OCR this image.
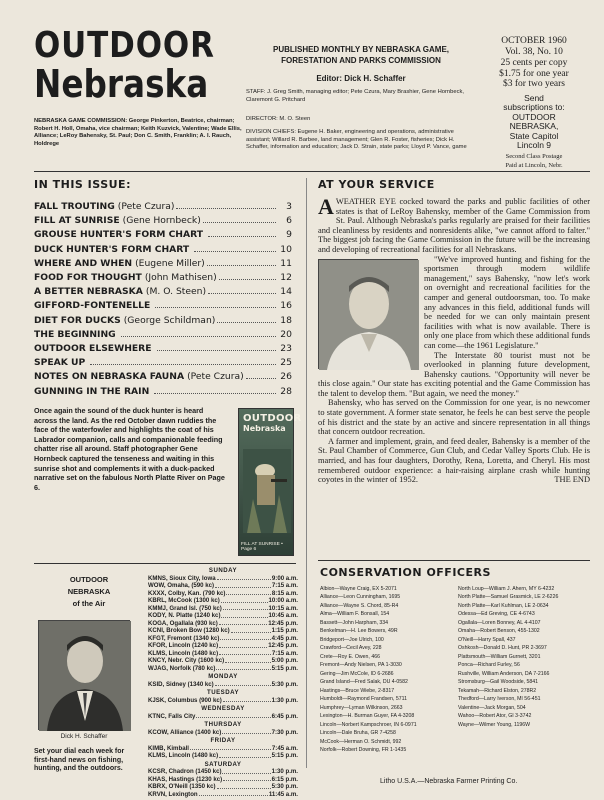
OUTDOOR
Nebraska
NEBRASKA GAME COMMISSION: George Pinkerton, Beatrice, chairman; Robert H. Holl, Omaha, vice chairman; Keith Kuzvick, Valentine; Wade Ellis, Alliance; LeRoy Bahensky, St. Paul; Don C. Smith, Franklin; A. I. Rauch, Holdrege
PUBLISHED MONTHLY BY NEBRASKA GAME, FORESTATION AND PARKS COMMISSION
Editor: Dick H. Schaffer
STAFF: J. Greg Smith, managing editor; Pete Czura, Mary Brashier, Gene Hornbeck, Claremont G. Pritchard
DIRECTOR: M. O. Steen
DIVISION CHIEFS: Eugene H. Baker, engineering and operations, administrative assistant; Willard R. Barbee, land management; Glen R. Foster, fisheries; Dick H. Schaffer, information and education; Jack D. Strain, state parks; Lloyd P. Vance, game
OCTOBER 1960
Vol. 38, No. 10
25 cents per copy
$1.75 for one year
$3 for two years
Send
subscriptions to:
OUTDOOR
NEBRASKA,
State Capitol
Lincoln 9
Second Class Postage
Paid at Lincoln, Nebr.
IN THIS ISSUE:
FALL TROUTING (Pete Czura)	3
FILL AT SUNRISE (Gene Hornbeck)	6
GROUSE HUNTER'S FORM CHART	9
DUCK HUNTER'S FORM CHART	10
WHERE AND WHEN (Eugene Miller)	11
FOOD FOR THOUGHT (John Mathisen)	12
A BETTER NEBRASKA (M. O. Steen)	14
GIFFORD-FONTENELLE	16
DIET FOR DUCKS (George Schildman)	18
THE BEGINNING	20
OUTDOOR ELSEWHERE	23
SPEAK UP	25
NOTES ON NEBRASKA FAUNA (Pete Czura)	26
GUNNING IN THE RAIN	28
Once again the sound of the duck hunter is heard across the land. As the red October dawn ruddies the face of the waterfowler and highlights the coat of his Labrador companion, calls and companionable feeding chatter rise all around. Staff photographer Gene Hornbeck captured the tenseness and waiting in this sunrise shot and complements it with a duck-packed narrative set on the fabulous North Platte River on Page 6.
OUTDOOR
Nebraska
FILL AT SUNRISE • Page 6
OUTDOOR
NEBRASKA
of the Air
Dick H. Schaffer
Set your dial each week for first-hand news on fishing, hunting, and the outdoors.
SUNDAY
KMNS, Sioux City, Iowa	9:00 a.m.
WOW, Omaha, (590 kc)	7:15 a.m.
KXXX, Colby, Kan. (790 kc)	8:15 a.m.
KBRL, McCook (1300 kc)	10:00 a.m.
KMMJ, Grand Isl. (750 kc)	10:15 a.m.
KODY, N. Platte (1240 kc)	10:45 a.m.
KOGA, Ogallala (930 kc)	12:45 p.m.
KCNI, Broken Bow (1280 kc)	1:15 p.m.
KFGT, Fremont (1340 kc)	4:45 p.m.
KFOR, Lincoln (1240 kc)	12:45 p.m.
KLMS, Lincoln (1480 kc)	7:15 a.m.
KNCY, Nebr. City (1600 kc)	5:00 p.m.
WJAG, Norfolk (780 kc)	5:15 p.m.
MONDAY
KSID, Sidney (1340 kc)	5:30 p.m.
TUESDAY
KJSK, Columbus (900 kc)	1:30 p.m.
WEDNESDAY
KTNC, Falls City	6:45 p.m.
THURSDAY
KCOW, Alliance (1400 kc)	7:30 p.m.
FRIDAY
KIMB, Kimball	7:45 a.m.
KLMS, Lincoln (1480 kc)	5:15 p.m.
SATURDAY
KCSR, Chadron (1450 kc)	1:30 p.m.
KHAS, Hastings (1230 kc)	6:15 p.m.
KBRX, O'Neill (1350 kc)	5:30 p.m.
KRVN, Lexington	11:45 a.m.
AT YOUR SERVICE

A WEATHER EYE cocked toward the parks and public facilities of other states is that of LeRoy Bahensky, member of the Game Commission from St. Paul. Although Nebraska's parks regularly are praised for their facilities and cleanliness by residents and nonresidents alike, "we cannot afford to falter." The biggest job facing the Game Commission in the future will be the increasing and developing of recreational facilities for all Nebraskans.

"We've improved hunting and fishing for the sportsmen through modern wildlife management," says Bahensky, "now let's work on overnight and recreational facilities for the camper and general outdoorsman, too. To make any advances in this field, additional funds will be needed for we can only maintain present facilities with what is now available. There is only one place from which these additional funds can come—the 1961 Legislature."

The Interstate 80 tourist must not be overlooked in planning future development, Bahensky cautions. "Opportunity will never be this close again." Our state has exciting potential and the Game Commission has the talent to develop them. "But again, we need the money."

Bahensky, who has served on the Commission for one year, is no newcomer to state government. A former state senator, he feels he can best serve the people of his district and the state by an active and sincere representation in all things that concern outdoor recreation.

A farmer and implement, grain, and feed dealer, Bahensky is a member of the St. Paul Chamber of Commerce, Gun Club, and Cedar Valley Sports Club. He is married, and has four daughters, Dorothy, Rena, Loretta, and Cheryl. His most remembered outdoor experience: a hair-raising airplane crash while hunting coyotes in the winter of 1952.	THE END

CONSERVATION OFFICERS
Albion—Wayne Craig, EX 5-2071
Alliance—Leon Cunningham, 1695
Alliance—Wayne S. Chord, 85-R4
Alma—William F. Bonsall, 154
Bassett—John Harpham, 334
Benkelman—H. Lee Bowers, 49R
Bridgeport—Joe Ulrich, 100
Crawford—Cecil Avey, 228
Crete—Roy E. Owen, 466
Fremont—Andy Nielsen, PA 1-3030
Gering—Jim McCole, ID 6-2686
Grand Island—Fred Salak, DU 4-0582
Hastings—Bruce Wiebe, 2-8317
Humboldt—Raymond Frandsen, 5711
Humphrey—Lyman Wilkinson, 2663
Lexington—H. Burman Guyer, FA 4-3208
Lincoln—Norbert Kampschroer, IN 6-0971
Lincoln—Dale Bruha, GR 7-4258
McCook—Herman O. Schmidt, 992
Norfolk—Robert Downing, FR 1-1435
North Loup—William J. Ahern, MY 6-4232
North Platte—Samuel Grasmick, LE 2-6226
North Platte—Karl Kuhlman, LE 2-0634
Odessa—Ed Greving, CE 4-6743
Ogallala—Loren Bonney, AL 4-4107
Omaha—Robert Benson, 455-1302
O'Neill—Harry Spall, 437
Oshkosh—Donald D. Hunt, PR 2-3697
Plattsmouth—William Gurnett, 3201
Ponca—Richard Furley, 56
Rushville, William Anderson, DA 7-2166
Stromsburg—Gail Woodside, 5841
Tekamah—Richard Elston, 278R2
Thedford—Larry Iverson, MI 56-451
Valentine—Jack Morgan, 504
Wahoo—Robert Ator, GI 3-3742
Wayne—Wilmer Young, 1196W
Litho U.S.A.—Nebraska Farmer Printing Co.
